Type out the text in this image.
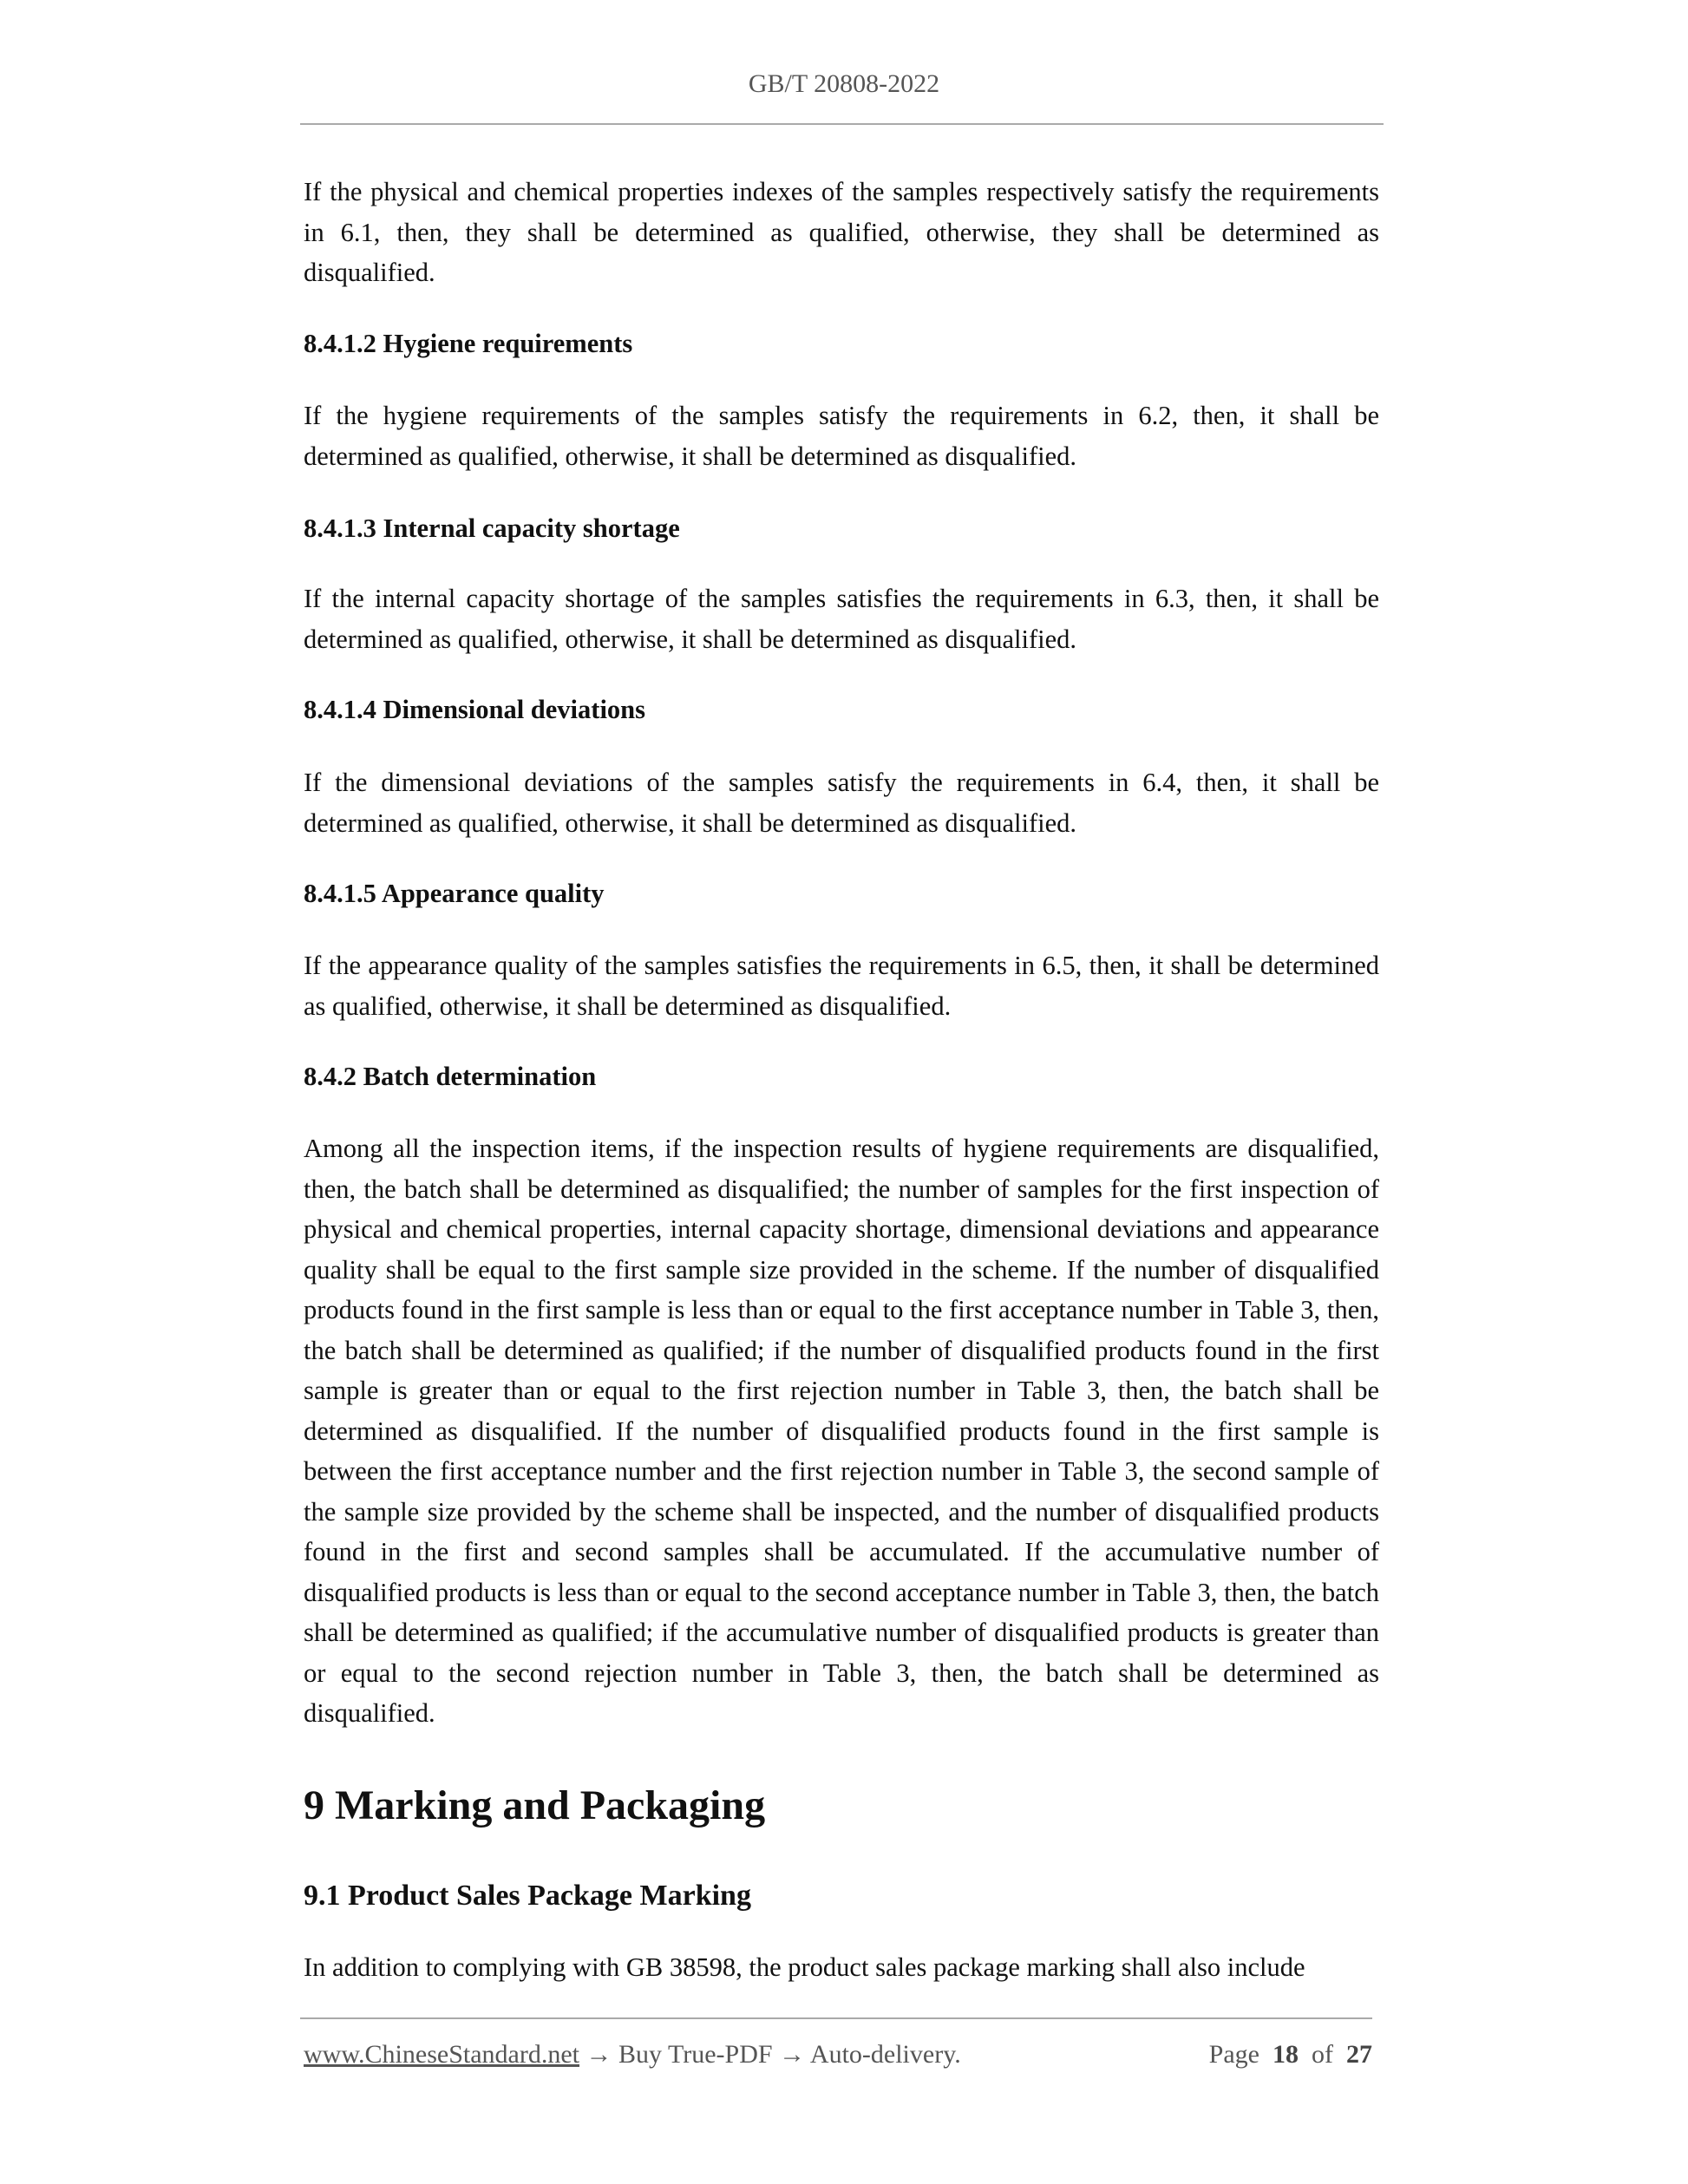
GB/T 20808-2022

If the physical and chemical properties indexes of the samples respectively satisfy the requirements in 6.1, then, they shall be determined as qualified, otherwise, they shall be determined as disqualified.

8.4.1.2 Hygiene requirements

If the hygiene requirements of the samples satisfy the requirements in 6.2, then, it shall be determined as qualified, otherwise, it shall be determined as disqualified.

8.4.1.3 Internal capacity shortage

If the internal capacity shortage of the samples satisfies the requirements in 6.3, then, it shall be determined as qualified, otherwise, it shall be determined as disqualified.

8.4.1.4 Dimensional deviations

If the dimensional deviations of the samples satisfy the requirements in 6.4, then, it shall be determined as qualified, otherwise, it shall be determined as disqualified.

8.4.1.5 Appearance quality

If the appearance quality of the samples satisfies the requirements in 6.5, then, it shall be determined as qualified, otherwise, it shall be determined as disqualified.

8.4.2 Batch determination

Among all the inspection items, if the inspection results of hygiene requirements are disqualified, then, the batch shall be determined as disqualified; the number of samples for the first inspection of physical and chemical properties, internal capacity shortage, dimensional deviations and appearance quality shall be equal to the first sample size provided in the scheme. If the number of disqualified products found in the first sample is less than or equal to the first acceptance number in Table 3, then, the batch shall be determined as qualified; if the number of disqualified products found in the first sample is greater than or equal to the first rejection number in Table 3, then, the batch shall be determined as disqualified. If the number of disqualified products found in the first sample is between the first acceptance number and the first rejection number in Table 3, the second sample of the sample size provided by the scheme shall be inspected, and the number of disqualified products found in the first and second samples shall be accumulated. If the accumulative number of disqualified products is less than or equal to the second acceptance number in Table 3, then, the batch shall be determined as qualified; if the accumulative number of disqualified products is greater than or equal to the second rejection number in Table 3, then, the batch shall be determined as disqualified.

9 Marking and Packaging
9.1 Product Sales Package Marking

In addition to complying with GB 38598, the product sales package marking shall also include

www.ChineseStandard.net → Buy True-PDF → Auto-delivery.	Page 18 of 27
